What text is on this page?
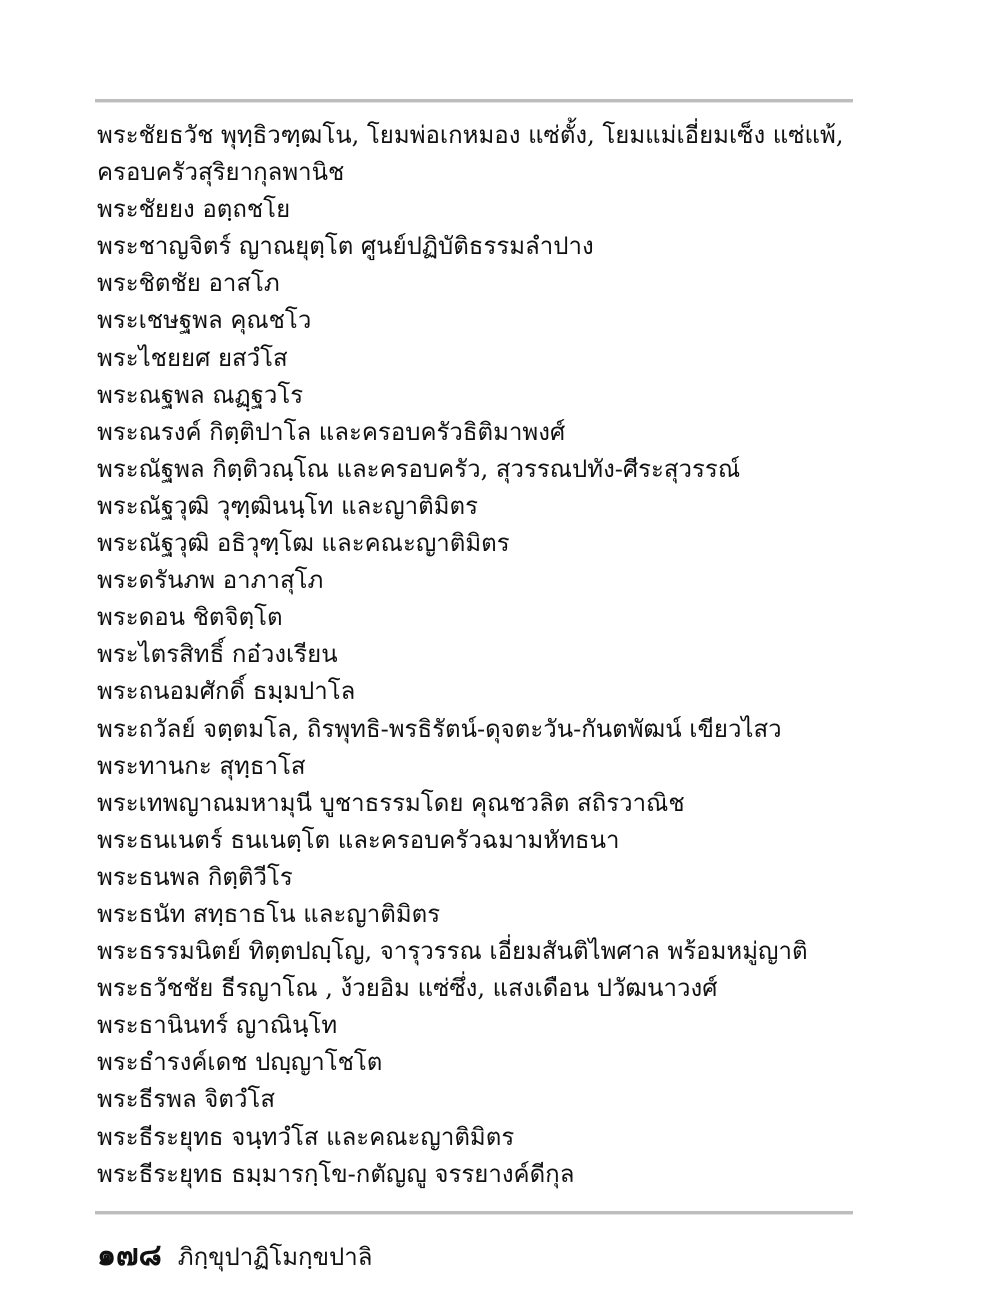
พระชัยธวัช พุทฺธิวฑฺฒโน, โยมพ่อเกหมอง แซ่ตั้ง, โยมแม่เอี่ยมเซ็ง แซ่แพ้,
ครอบครัวสุริยากุลพานิช
พระชัยยง อตฺถชโย
พระชาญจิตร์ ญาณยุตฺโต ศูนย์ปฏิบัติธรรมลำปาง
พระชิตชัย อาสโภ
พระเชษฐพล คุณชโว
พระไชยยศ ยสวํโส
พระณฐพล ณฏฺฐวโร
พระณรงค์ กิตฺติปาโล และครอบครัวธิติมาพงศ์
พระณัฐพล กิตฺติวณฺโณ และครอบครัว, สุวรรณปทัง-ศีระสุวรรณ์
พระณัฐวุฒิ วุฑฺฒินนฺโท และญาติมิตร
พระณัฐวุฒิ อธิวุฑฺโฒ และคณะญาติมิตร
พระดรันภพ อาภาสุโภ
พระดอน ชิตจิตฺโต
พระไตรสิทธิ์ กอ๋วงเรียน
พระถนอมศักดิ์ ธมฺมปาโล
พระถวัลย์ จตฺตมโล, ถิรพุทธิ-พรธิรัตน์-ดุจตะวัน-กันตพัฒน์ เขียวไสว
พระทานกะ สุทฺธาโส
พระเทพญาณมหามุนี บูชาธรรมโดย คุณชวลิต สถิรวาณิช
พระธนเนตร์ ธนเนตฺโต และครอบครัวฉมามหัทธนา
พระธนพล กิตฺติวีโร
พระธนัท สทฺธาธโน และญาติมิตร
พระธรรมนิตย์ ทิตฺตปญฺโญ, จารุวรรณ เอี่ยมสันติไพศาล พร้อมหมู่ญาติ
พระธวัชชัย ธีรญาโณ , ง้วยอิม แซ่ซึ่ง, แสงเดือน ปวัฒนาวงศ์
พระธานินทร์ ญาณินฺโท
พระธำรงค์เดช ปญฺญาโชโต
พระธีรพล จิตวํโส
พระธีระยุทธ จนฺทวํโส และคณะญาติมิตร
พระธีระยุทธ ธมฺมารกฺโข-กตัญญู จรรยางค์ดีกุล
๑๗๘ ภิกฺขุปาฏิโมกฺขปาลิ
